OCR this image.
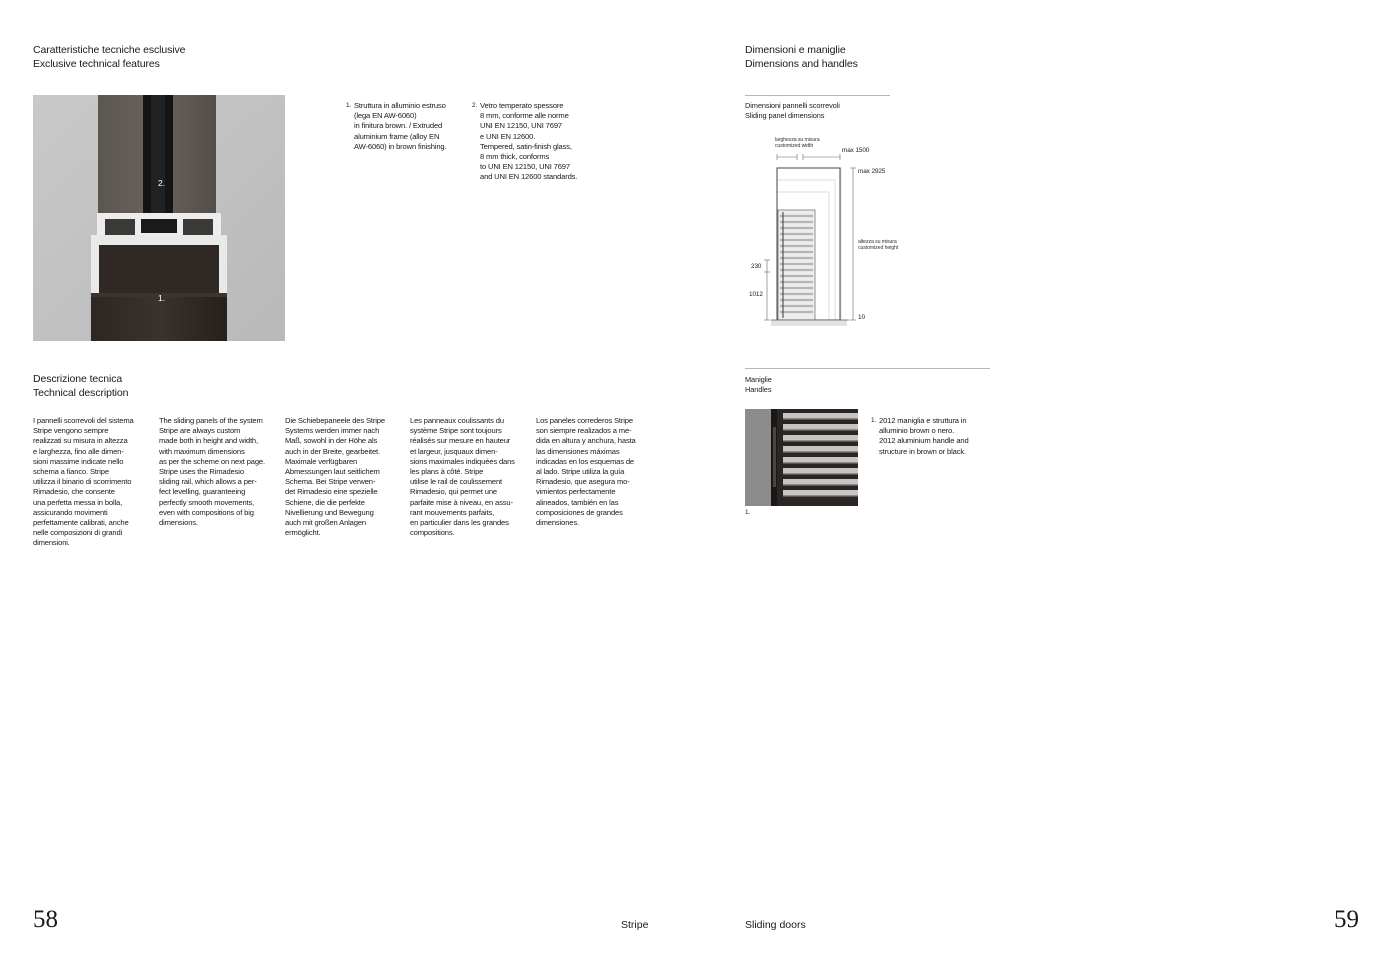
Caratteristiche tecniche esclusive
Exclusive technical features
2.
1.
1. Struttura in alluminio estruso
(lega EN AW-6060)
in finitura brown. / Extruded
aluminium frame (alloy EN
AW-6060) in brown finishing.
2. Vetro temperato spessore
8 mm, conforme alle norme
UNI EN 12150, UNI 7697
e UNI EN 12600.
Tempered, satin-finish glass,
8 mm thick, conforms
to UNI EN 12150, UNI 7697
and UNI EN 12600 standards.
Descrizione tecnica
Technical description
I pannelli scorrevoli del sistema
Stripe vengono sempre
realizzati su misura in altezza
e larghezza, fino alle dimen-
sioni massime indicate nello
schema a fianco. Stripe
utilizza il binario di scorrimento
Rimadesio, che consente
una perfetta messa in bolla,
assicurando movimenti
perfettamente calibrati, anche
nelle composizioni di grandi
dimensioni.
The sliding panels of the system
Stripe are always custom
made both in height and width,
with maximum dimensions
as per the scheme on next page.
Stripe uses the Rimadesio
sliding rail, which allows a per-
fect levelling, guaranteeing
perfectly smooth movements,
even with compositions of big
dimensions.
Die Schiebepaneele des Stripe
Systems werden immer nach
Maß, sowohl in der Höhe als
auch in der Breite, gearbeitet.
Maximale verfügbaren
Abmessungen laut seitlichem
Schema. Bei Stripe verwen-
det Rimadesio eine spezielle
Schiene, die die perfekte
Nivellierung und Bewegung
auch mit großen Anlagen
ermöglicht.
Les panneaux coulissants du
système Stripe sont toujours
réalisés sur mesure en hauteur
et largeur, jusquaux dimen-
sions maximales indiquées dans
les plans à côté. Stripe
utilise le rail de coulissement
Rimadesio, qui permet une
parfaite mise à niveau, en assu-
rant mouvements parfaits,
en particulier dans les grandes
compositions.
Los paneles correderos Stripe
son siempre realizados a me-
dida en altura y anchura, hasta
las dimensiones máximas
indicadas en los esquemas de
al lado. Stripe utiliza la guía
Rimadesio, que asegura mo-
vimientos perfectamente
alineados, también en las
composiciones de grandes
dimensiones.
58	Stripe
Dimensioni e maniglie
Dimensions and handles
Dimensioni pannelli scorrevoli
Sliding panel dimensions
larghezza su misura
customized width
max 1500
max 2925
altezza su misura
customized height
230
1012
10
Maniglie
Handles
1.
1. 2012 maniglia e struttura in
alluminio brown o nero.
2012 aluminium handle and
structure in brown or black.
Sliding doors	59
